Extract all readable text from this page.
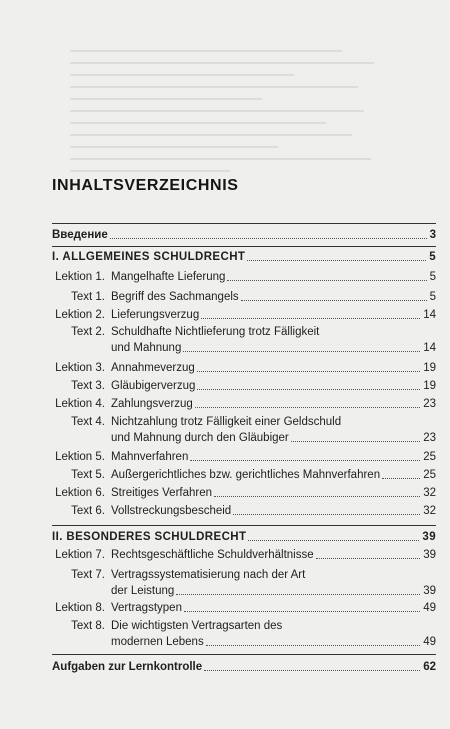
INHALTSVERZEICHNIS
Введение	3
I. ALLGEMEINES SCHULDRECHT	5
Lektion 1. Mangelhafte Lieferung	5
Text 1. Begriff des Sachmangels	5
Lektion 2. Lieferungsverzug	14
Text 2. Schuldhafte Nichtlieferung trotz Fälligkeit
und Mahnung	14
Lektion 3. Annahmeverzug	19
Text 3. Gläubigerverzug	19
Lektion 4. Zahlungsverzug	23
Text 4. Nichtzahlung trotz Fälligkeit einer Geldschuld
und Mahnung durch den Gläubiger	23
Lektion 5. Mahnverfahren	25
Text 5. Außergerichtliches bzw. gerichtliches Mahnverfahren	25
Lektion 6. Streitiges Verfahren	32
Text 6. Vollstreckungsbescheid	32
II. BESONDERES SCHULDRECHT	39
Lektion 7. Rechtsgeschäftliche Schuldverhältnisse	39
Text 7. Vertragssystematisierung nach der Art
der Leistung	39
Lektion 8. Vertragstypen	49
Text 8. Die wichtigsten Vertragsarten des
modernen Lebens	49
Aufgaben zur Lernkontrolle	62
